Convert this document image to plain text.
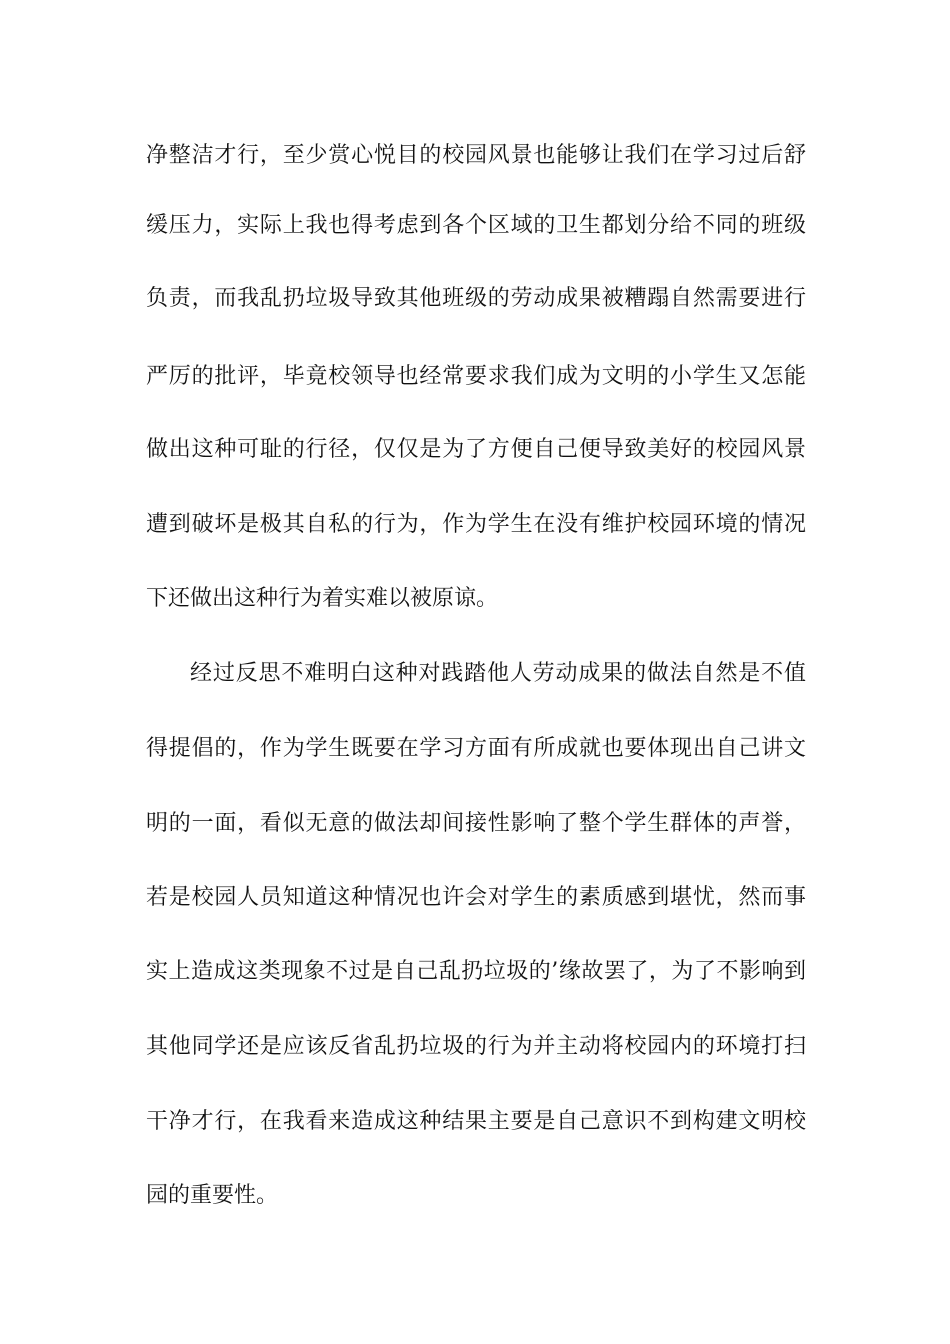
净整洁才行，至少赏心悦目的校园风景也能够让我们在学习过后舒
缓压力，实际上我也得考虑到各个区域的卫生都划分给不同的班级
负责，而我乱扔垃圾导致其他班级的劳动成果被糟蹋自然需要进行
严厉的批评，毕竟校领导也经常要求我们成为文明的小学生又怎能
做出这种可耻的行径，仅仅是为了方便自己便导致美好的校园风景
遭到破坏是极其自私的行为，作为学生在没有维护校园环境的情况
下还做出这种行为着实难以被原谅。
经过反思不难明白这种对践踏他人劳动成果的做法自然是不值
得提倡的，作为学生既要在学习方面有所成就也要体现出自己讲文
明的一面，看似无意的做法却间接性影响了整个学生群体的声誉，
若是校园人员知道这种情况也许会对学生的素质感到堪忧，然而事
实上造成这类现象不过是自己乱扔垃圾的’缘故罢了，为了不影响到
其他同学还是应该反省乱扔垃圾的行为并主动将校园内的环境打扫
干净才行，在我看来造成这种结果主要是自己意识不到构建文明校
园的重要性。
